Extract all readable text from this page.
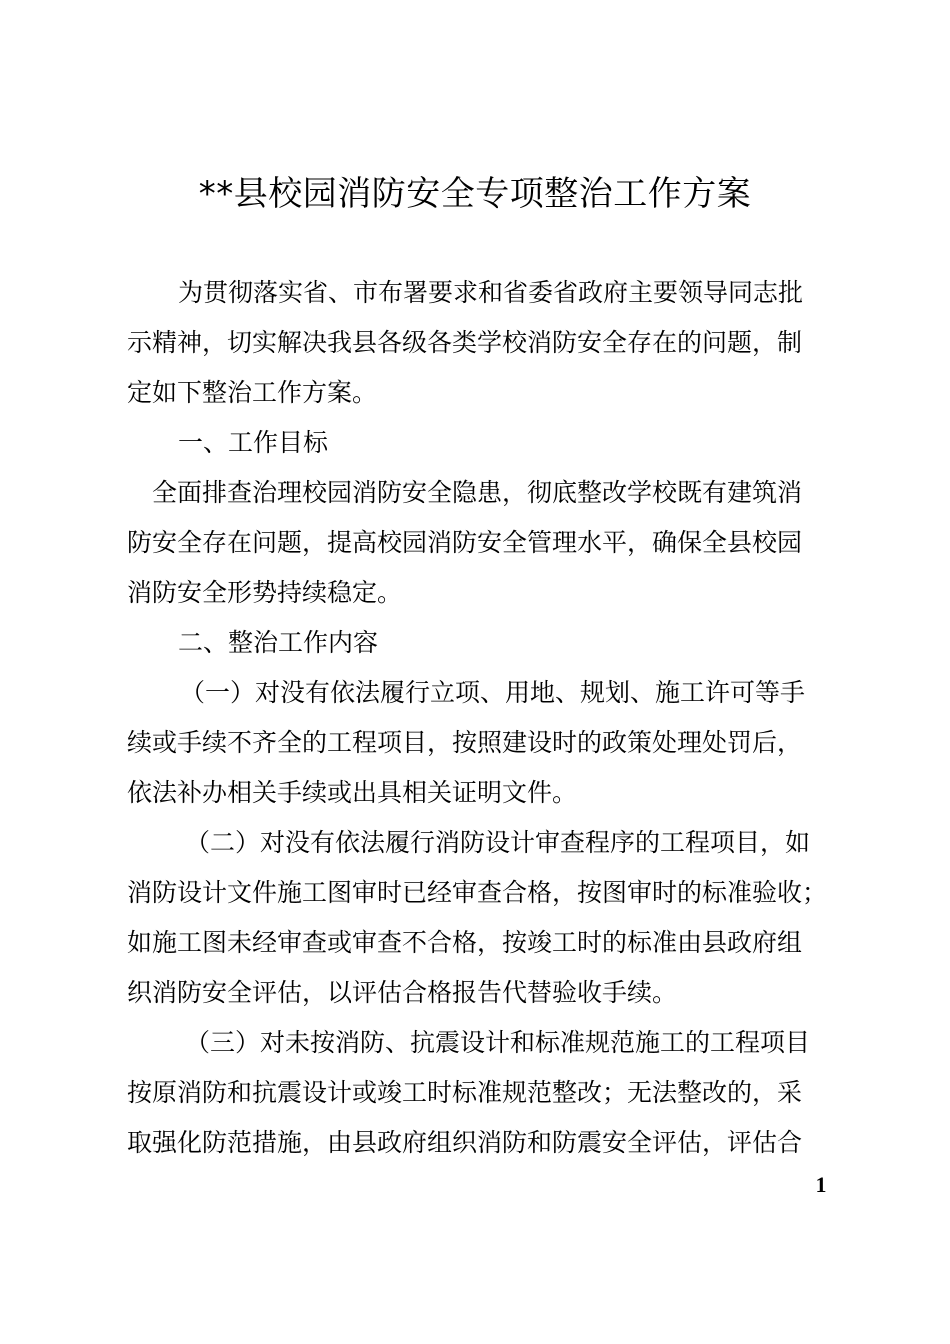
**县校园消防安全专项整治工作方案
为贯彻落实省、市布署要求和省委省政府主要领导同志批
示精神，切实解决我县各级各类学校消防安全存在的问题，制
定如下整治工作方案。
一、工作目标
全面排查治理校园消防安全隐患，彻底整改学校既有建筑消
防安全存在问题，提高校园消防安全管理水平，确保全县校园
消防安全形势持续稳定。
二、整治工作内容
（一）对没有依法履行立项、用地、规划、施工许可等手
续或手续不齐全的工程项目，按照建设时的政策处理处罚后，
依法补办相关手续或出具相关证明文件。
（二）对没有依法履行消防设计审查程序的工程项目，如
消防设计文件施工图审时已经审查合格，按图审时的标准验收；
如施工图未经审查或审查不合格，按竣工时的标准由县政府组
织消防安全评估，以评估合格报告代替验收手续。
（三）对未按消防、抗震设计和标准规范施工的工程项目
按原消防和抗震设计或竣工时标准规范整改；无法整改的，采
取强化防范措施，由县政府组织消防和防震安全评估，评估合
1
